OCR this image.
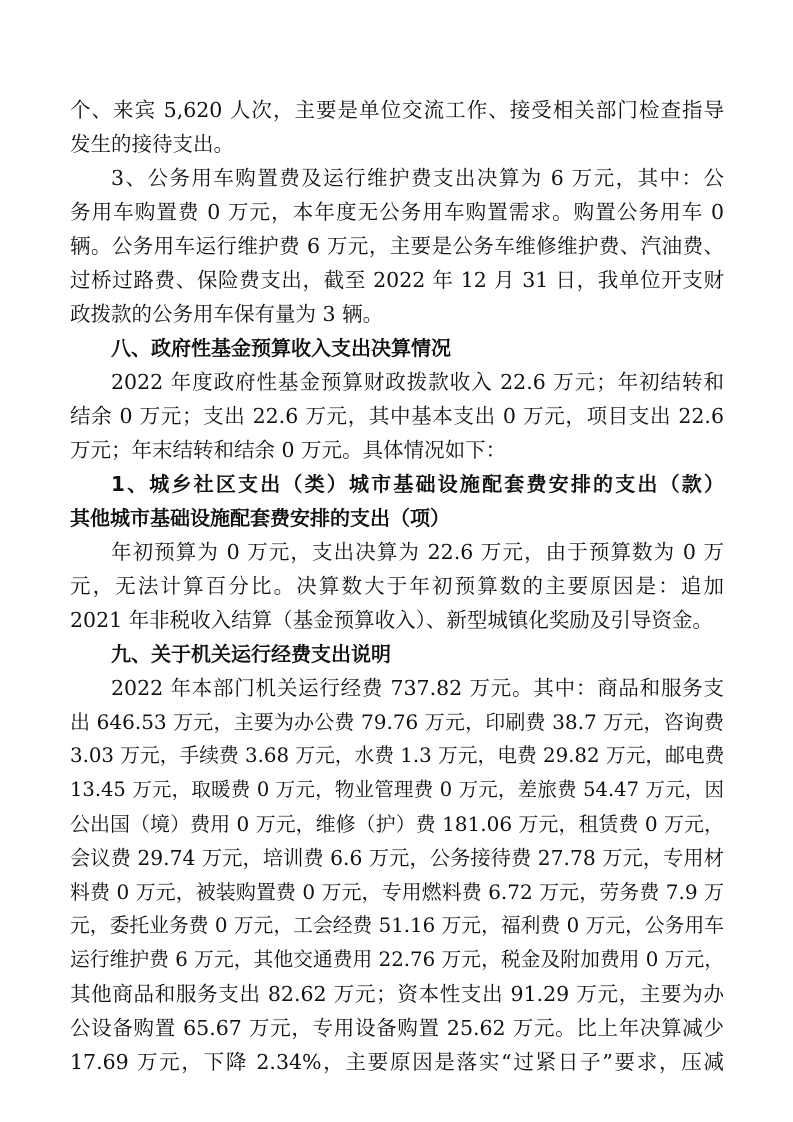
个、来宾 5,620 人次，主要是单位交流工作、接受相关部门检查指导
发生的接待支出。
3、公务用车购置费及运行维护费支出决算为 6 万元，其中：公
务用车购置费 0 万元，本年度无公务用车购置需求。购置公务用车 0
辆。公务用车运行维护费 6 万元，主要是公务车维修维护费、汽油费、
过桥过路费、保险费支出，截至 2022 年 12 月 31 日，我单位开支财
政拨款的公务用车保有量为 3 辆。
八、政府性基金预算收入支出决算情况
2022 年度政府性基金预算财政拨款收入 22.6 万元；年初结转和
结余 0 万元；支出 22.6 万元，其中基本支出 0 万元，项目支出 22.6
万元；年末结转和结余 0 万元。具体情况如下：
1、城乡社区支出（类）城市基础设施配套费安排的支出（款）
其他城市基础设施配套费安排的支出（项）
年初预算为 0 万元，支出决算为 22.6 万元，由于预算数为 0 万
元，无法计算百分比。决算数大于年初预算数的主要原因是：追加
2021 年非税收入结算（基金预算收入）、新型城镇化奖励及引导资金。
九、关于机关运行经费支出说明
2022 年本部门机关运行经费 737.82 万元。其中：商品和服务支
出 646.53 万元，主要为办公费 79.76 万元，印刷费 38.7 万元，咨询费
3.03 万元，手续费 3.68 万元，水费 1.3 万元，电费 29.82 万元，邮电费
13.45 万元，取暖费 0 万元，物业管理费 0 万元，差旅费 54.47 万元，因
公出国（境）费用 0 万元，维修（护）费 181.06 万元，租赁费 0 万元，
会议费 29.74 万元，培训费 6.6 万元，公务接待费 27.78 万元，专用材
料费 0 万元，被装购置费 0 万元，专用燃料费 6.72 万元，劳务费 7.9 万
元，委托业务费 0 万元，工会经费 51.16 万元，福利费 0 万元，公务用车
运行维护费 6 万元，其他交通费用 22.76 万元，税金及附加费用 0 万元，
其他商品和服务支出 82.62 万元；资本性支出 91.29 万元，主要为办
公设备购置 65.67 万元，专用设备购置 25.62 万元。比上年决算减少
17.69 万元，下降 2.34%，主要原因是落实“过紧日子”要求，压减
